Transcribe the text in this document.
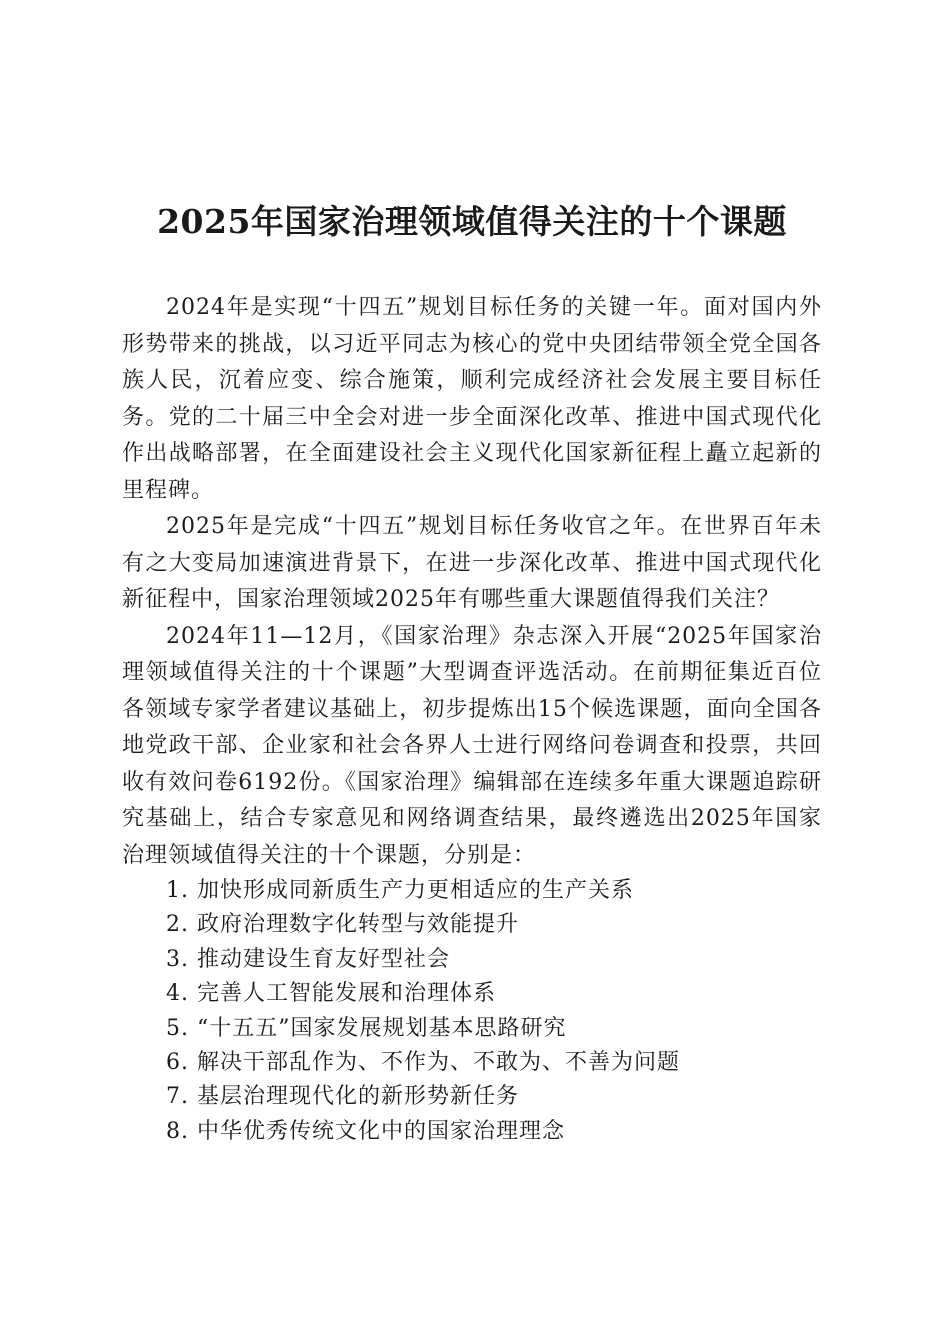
2025年国家治理领域值得关注的十个课题

2024年是实现“十四五”规划目标任务的关键一年。面对国内外形势带来的挑战，以习近平同志为核心的党中央团结带领全党全国各族人民，沉着应变、综合施策，顺利完成经济社会发展主要目标任务。党的二十届三中全会对进一步全面深化改革、推进中国式现代化作出战略部署，在全面建设社会主义现代化国家新征程上矗立起新的里程碑。

2025年是完成“十四五”规划目标任务收官之年。在世界百年未有之大变局加速演进背景下，在进一步深化改革、推进中国式现代化新征程中，国家治理领域2025年有哪些重大课题值得我们关注？

2024年11—12月，《国家治理》杂志深入开展“2025年国家治理领域值得关注的十个课题”大型调查评选活动。在前期征集近百位各领域专家学者建议基础上，初步提炼出15个候选课题，面向全国各地党政干部、企业家和社会各界人士进行网络问卷调查和投票，共回收有效问卷6192份。《国家治理》编辑部在连续多年重大课题追踪研究基础上，结合专家意见和网络调查结果，最终遴选出2025年国家治理领域值得关注的十个课题，分别是：

1. 加快形成同新质生产力更相适应的生产关系
2. 政府治理数字化转型与效能提升
3. 推动建设生育友好型社会
4. 完善人工智能发展和治理体系
5. “十五五”国家发展规划基本思路研究
6. 解决干部乱作为、不作为、不敢为、不善为问题
7. 基层治理现代化的新形势新任务
8. 中华优秀传统文化中的国家治理理念
